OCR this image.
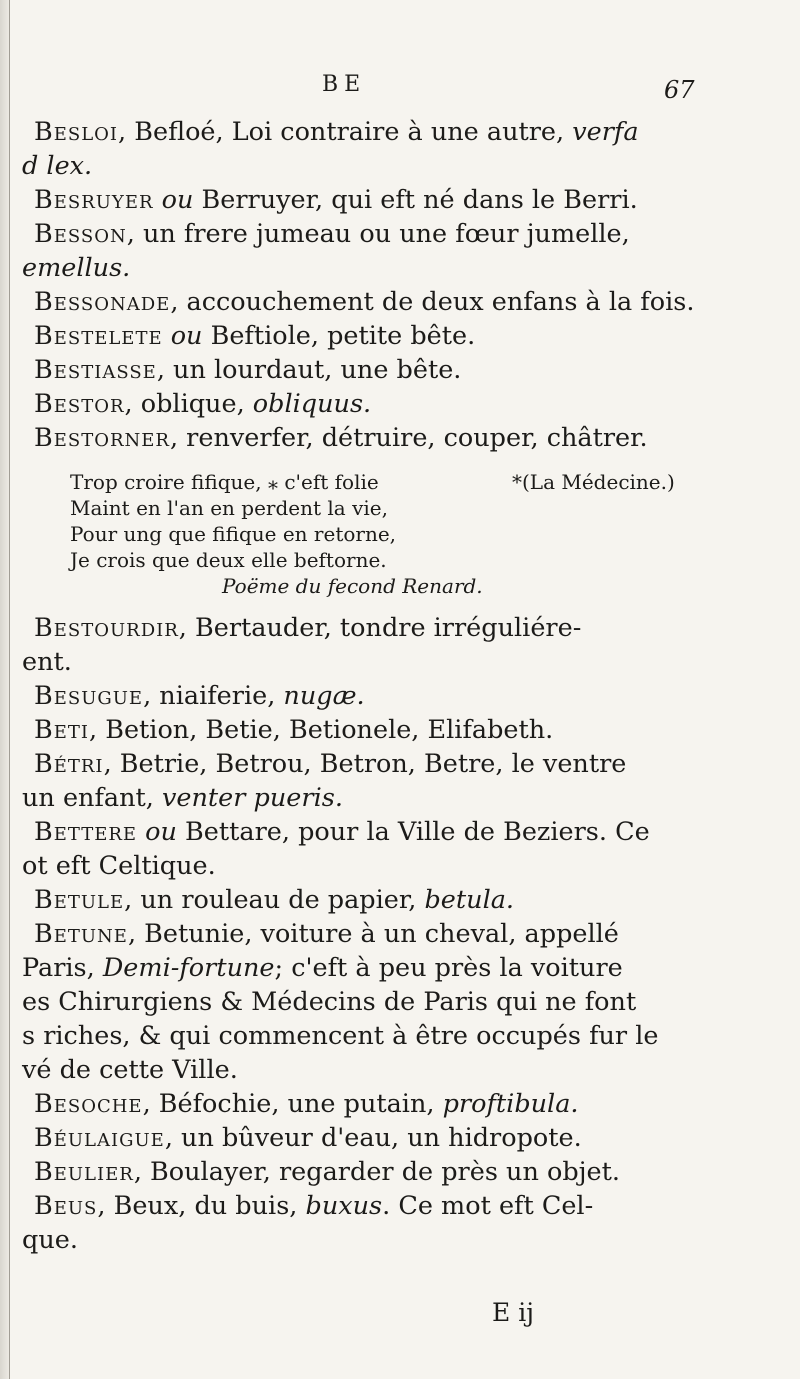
BE	67

Besloi, Befloé, Loi contraire à une autre, verfa
d lex.

Besruyer ou Berruyer, qui eft né dans le Berri.

Besson, un frere jumeau ou une fœur jumelle,
emellus.

Bessonade, accouchement de deux enfans à la fois.

Bestelete ou Beftiole, petite bête.

Bestiasse, un lourdaut, une bête.

Bestor, oblique, obliquus.

Bestorner, renverfer, détruire, couper, châtrer.

Trop croire fifique, ⁎ c'eft folie	*(La Médecine.)
Maint en l'an en perdent la vie,
Pour ung que fifique en retorne,
Je crois que deux elle beftorne.
Poëme du fecond Renard.

Bestourdir, Bertauder, tondre irréguliére-
ent.

Besugue, niaiferie, nugæ.

Beti, Betion, Betie, Betionele, Elifabeth.

Bétri, Betrie, Betrou, Betron, Betre, le ventre
un enfant, venter pueris.

Bettere ou Bettare, pour la Ville de Beziers. Ce
ot eft Celtique.

Betule, un rouleau de papier, betula.

Betune, Betunie, voiture à un cheval, appellé
Paris, Demi-fortune; c'eft à peu près la voiture
es Chirurgiens & Médecins de Paris qui ne font
s riches, & qui commencent à être occupés fur le
vé de cette Ville.

Besoche, Béfochie, une putain, proftibula.

Béulaigue, un bûveur d'eau, un hidropote.

Beulier, Boulayer, regarder de près un objet.

Beus, Beux, du buis, buxus. Ce mot eft Cel-
que.

E ij
